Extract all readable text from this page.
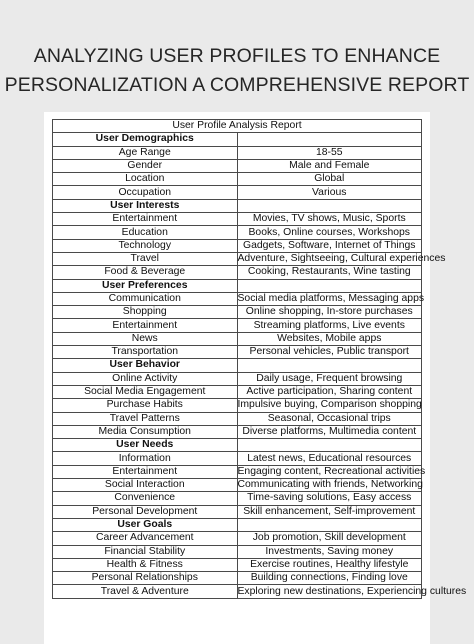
ANALYZING USER PROFILES TO ENHANCE
PERSONALIZATION A COMPREHENSIVE REPORT
User Profile Analysis Report	
User Demographics	
Age Range	18-55
Gender	Male and Female
Location	Global
Occupation	Various
User Interests	
Entertainment	Movies, TV shows, Music, Sports
Education	Books, Online courses, Workshops
Technology	Gadgets, Software, Internet of Things
Travel	Adventure, Sightseeing, Cultural experiences
Food & Beverage	Cooking, Restaurants, Wine tasting
User Preferences	
Communication	Social media platforms, Messaging apps
Shopping	Online shopping, In-store purchases
Entertainment	Streaming platforms, Live events
News	Websites, Mobile apps
Transportation	Personal vehicles, Public transport
User Behavior	
Online Activity	Daily usage, Frequent browsing
Social Media Engagement	Active participation, Sharing content
Purchase Habits	Impulsive buying, Comparison shopping
Travel Patterns	Seasonal, Occasional trips
Media Consumption	Diverse platforms, Multimedia content
User Needs	
Information	Latest news, Educational resources
Entertainment	Engaging content, Recreational activities
Social Interaction	Communicating with friends, Networking
Convenience	Time-saving solutions, Easy access
Personal Development	Skill enhancement, Self-improvement
User Goals	
Career Advancement	Job promotion, Skill development
Financial Stability	Investments, Saving money
Health & Fitness	Exercise routines, Healthy lifestyle
Personal Relationships	Building connections, Finding love
Travel & Adventure	Exploring new destinations, Experiencing cultures
